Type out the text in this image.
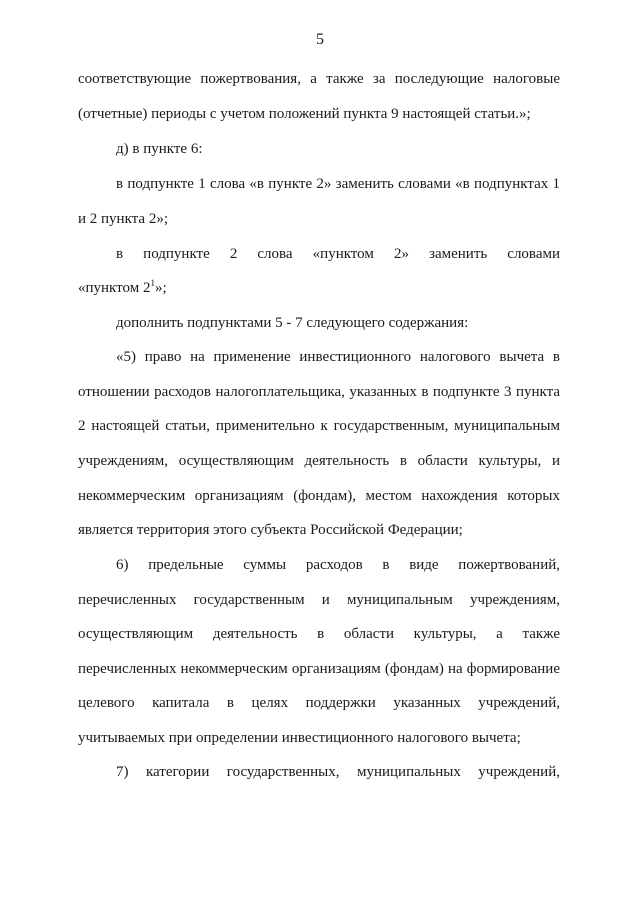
5
соответствующие пожертвования, а также за последующие налоговые
(отчетные) периоды с учетом положений пункта 9 настоящей статьи.»;
д) в пункте 6:
в подпункте 1 слова «в пункте 2» заменить словами «в подпунктах 1
и 2 пункта 2»;
в подпункте 2 слова «пунктом 2» заменить словами
«пунктом $2^1$»;
дополнить подпунктами 5 - 7 следующего содержания:
«5) право на применение инвестиционного налогового вычета в
отношении расходов налогоплательщика, указанных в подпункте 3 пункта
2 настоящей статьи, применительно к государственным, муниципальным
учреждениям, осуществляющим деятельность в области культуры, и
некоммерческим организациям (фондам), местом нахождения которых
является территория этого субъекта Российской Федерации;
6) предельные суммы расходов в виде пожертвований,
перечисленных государственным и муниципальным учреждениям,
осуществляющим деятельность в области культуры, а также
перечисленных некоммерческим организациям (фондам) на формирование
целевого капитала в целях поддержки указанных учреждений,
учитываемых при определении инвестиционного налогового вычета;
7) категории государственных, муниципальных учреждений,
